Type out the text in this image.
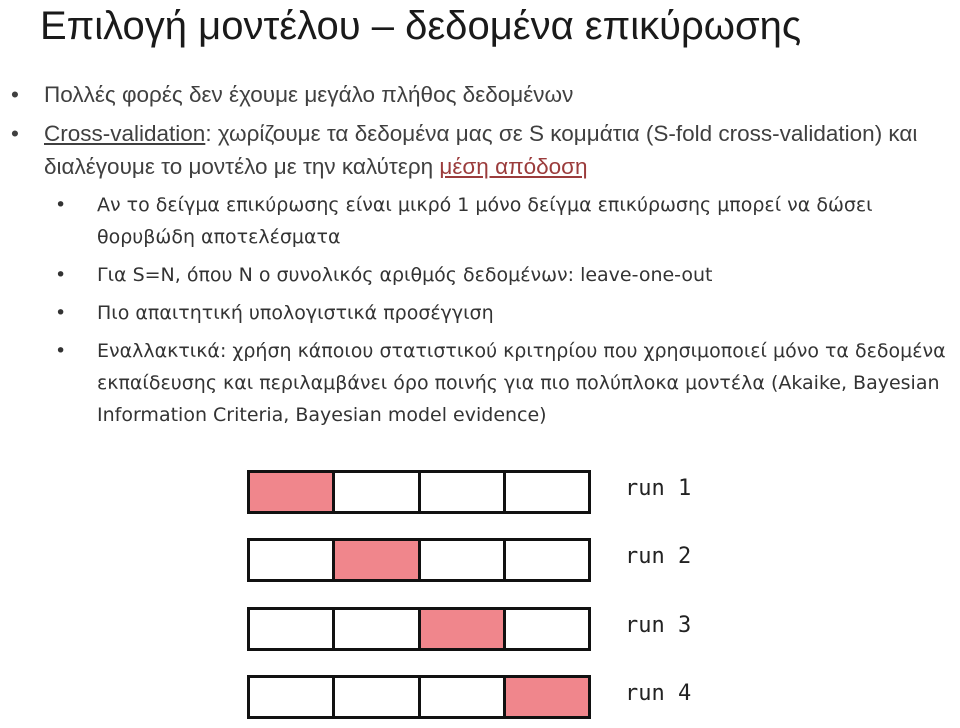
Επιλογή μοντέλου – δεδομένα επικύρωσης
• Πολλές φορές δεν έχουμε μεγάλο πλήθος δεδομένων
• Cross-validation: χωρίζουμε τα δεδομένα μας σε S κομμάτια (S-fold cross-validation) και διαλέγουμε το μοντέλο με την καλύτερη μέση απόδοση
• Αν το δείγμα επικύρωσης είναι μικρό 1 μόνο δείγμα επικύρωσης μπορεί να δώσει θορυβώδη αποτελέσματα
• Για S=N, όπου N ο συνολικός αριθμός δεδομένων: leave-one-out
• Πιο απαιτητική υπολογιστικά προσέγγιση
• Εναλλακτικά: χρήση κάποιου στατιστικού κριτηρίου που χρησιμοποιεί μόνο τα δεδομένα εκπαίδευσης και περιλαμβάνει όρο ποινής για πιο πολύπλοκα μοντέλα (Akaike, Bayesian Information Criteria, Bayesian model evidence)
run 1
run 2
run 3
run 4
